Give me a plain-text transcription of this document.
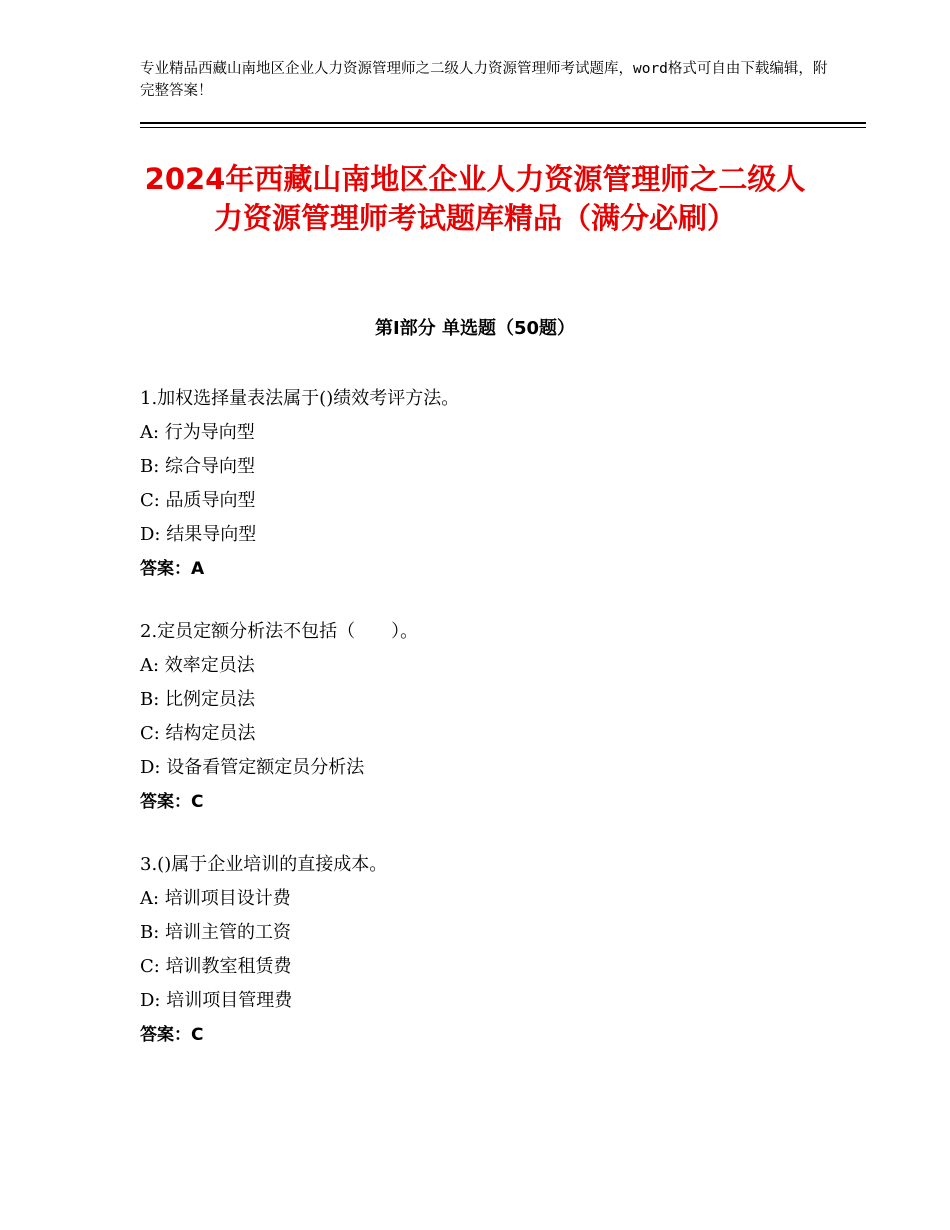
专业精品西藏山南地区企业人力资源管理师之二级人力资源管理师考试题库，word格式可自由下载编辑，附完整答案！
2024年西藏山南地区企业人力资源管理师之二级人力资源管理师考试题库精品（满分必刷）
第Ⅰ部分 单选题（50题）
1.加权选择量表法属于()绩效考评方法。
A: 行为导向型
B: 综合导向型
C: 品质导向型
D: 结果导向型
答案：A
2.定员定额分析法不包括（　　）。
A: 效率定员法
B: 比例定员法
C: 结构定员法
D: 设备看管定额定员分析法
答案：C
3.()属于企业培训的直接成本。
A: 培训项目设计费
B: 培训主管的工资
C: 培训教室租赁费
D: 培训项目管理费
答案：C
